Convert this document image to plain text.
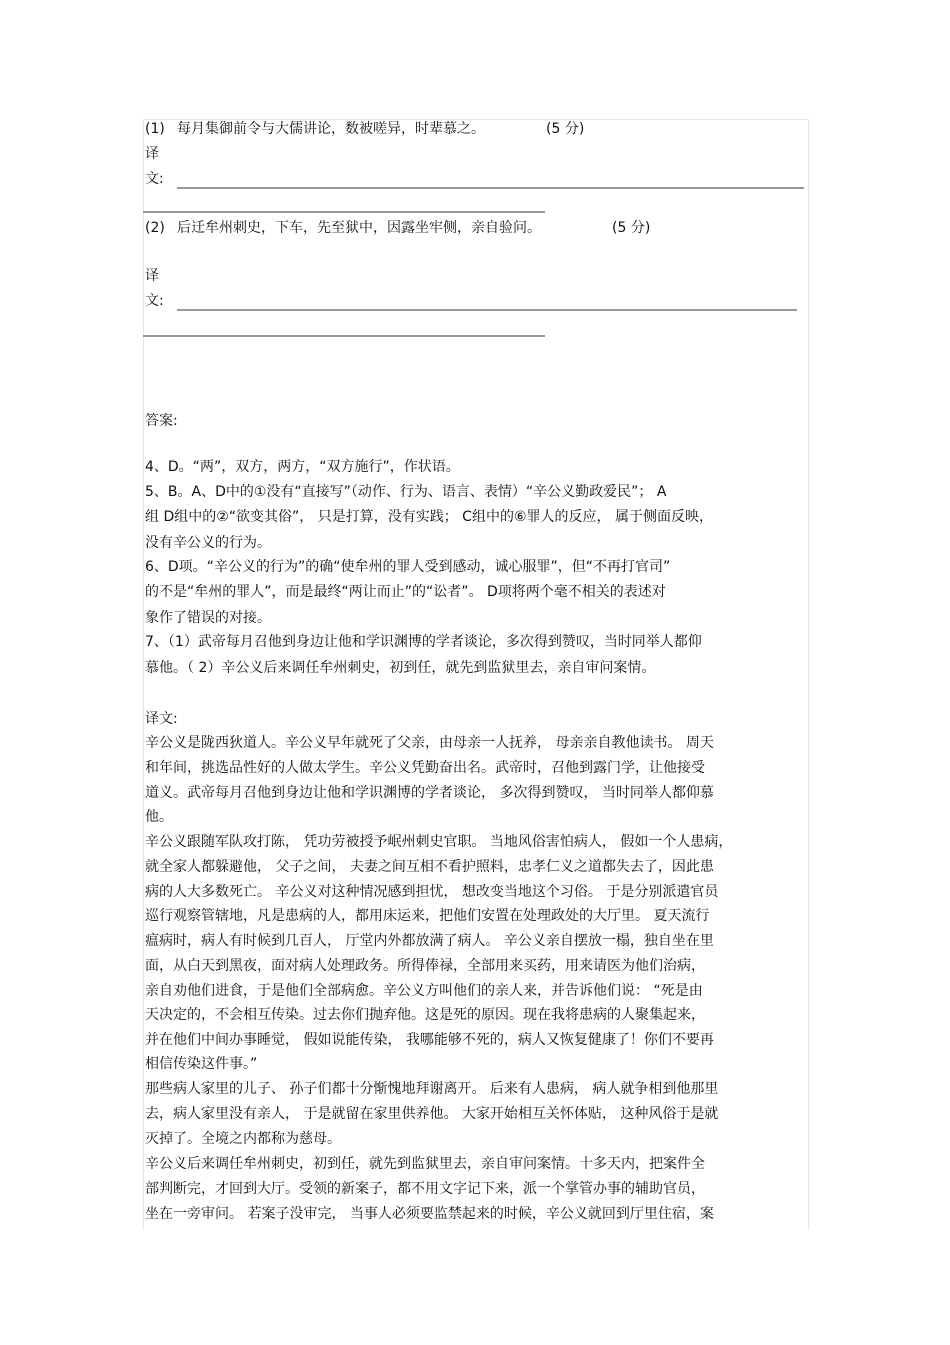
(1) 每月集御前令与大儒讲论，数被嗟异，时辈慕之。	(5 分)
译
文:
(2) 后迁牟州刺史，下车，先至狱中，因露坐牢侧，亲自验问。	(5 分)
译
文:
答案:
4、D。“两”，双方，两方，“双方施行”，作状语。
5、B。A、D中的①没有“直接写”（动作、行为、语言、表情）“辛公义勤政爱民”； A
组 D组中的②“欲变其俗”， 只是打算，没有实践； C组中的⑥罪人的反应， 属于侧面反映，
没有辛公义的行为。
6、D项。“辛公义的行为”的确“使牟州的罪人受到感动，诚心服罪”，但“不再打官司”
的不是“牟州的罪人”，而是最终“两让而止”的“讼者”。 D项将两个毫不相关的表述对
象作了错误的对接。
7、（1）武帝每月召他到身边让他和学识渊博的学者谈论，多次得到赞叹，当时同举人都仰
慕他。（ 2）辛公义后来调任牟州刺史，初到任，就先到监狱里去，亲自审问案情。
译文:
辛公义是陇西狄道人。辛公义早年就死了父亲，由母亲一人抚养， 母亲亲自教他读书。 周天
和年间，挑选品性好的人做太学生。辛公义凭勤奋出名。武帝时，召他到露门学，让他接受
道义。武帝每月召他到身边让他和学识渊博的学者谈论， 多次得到赞叹， 当时同举人都仰慕
他。
辛公义跟随军队攻打陈， 凭功劳被授予岷州刺史官职。 当地风俗害怕病人， 假如一个人患病，
就全家人都躲避他， 父子之间， 夫妻之间互相不看护照料，忠孝仁义之道都失去了，因此患
病的人大多数死亡。 辛公义对这种情况感到担忧， 想改变当地这个习俗。 于是分别派遣官员
巡行观察管辖地，凡是患病的人，都用床运来，把他们安置在处理政处的大厅里。 夏天流行
瘟病时，病人有时候到几百人， 厅堂内外都放满了病人。 辛公义亲自摆放一榻，独自坐在里
面，从白天到黑夜，面对病人处理政务。所得俸禄，全部用来买药，用来请医为他们治病，
亲自劝他们进食，于是他们全部病愈。辛公义方叫他们的亲人来，并告诉他们说： “死是由
天决定的，不会相互传染。过去你们抛弃他。这是死的原因。现在我将患病的人聚集起来，
并在他们中间办事睡觉， 假如说能传染， 我哪能够不死的，病人又恢复健康了！你们不要再
相信传染这件事。”
那些病人家里的儿子、 孙子们都十分惭愧地拜谢离开。 后来有人患病， 病人就争相到他那里
去，病人家里没有亲人， 于是就留在家里供养他。 大家开始相互关怀体贴， 这种风俗于是就
灭掉了。全境之内都称为慈母。
辛公义后来调任牟州刺史，初到任，就先到监狱里去，亲自审问案情。十多天内，把案件全
部判断完，才回到大厅。受领的新案子，都不用文字记下来，派一个掌管办事的辅助官员，
坐在一旁审问。 若案子没审完， 当事人必须要监禁起来的时候，辛公义就回到厅里住宿，案
